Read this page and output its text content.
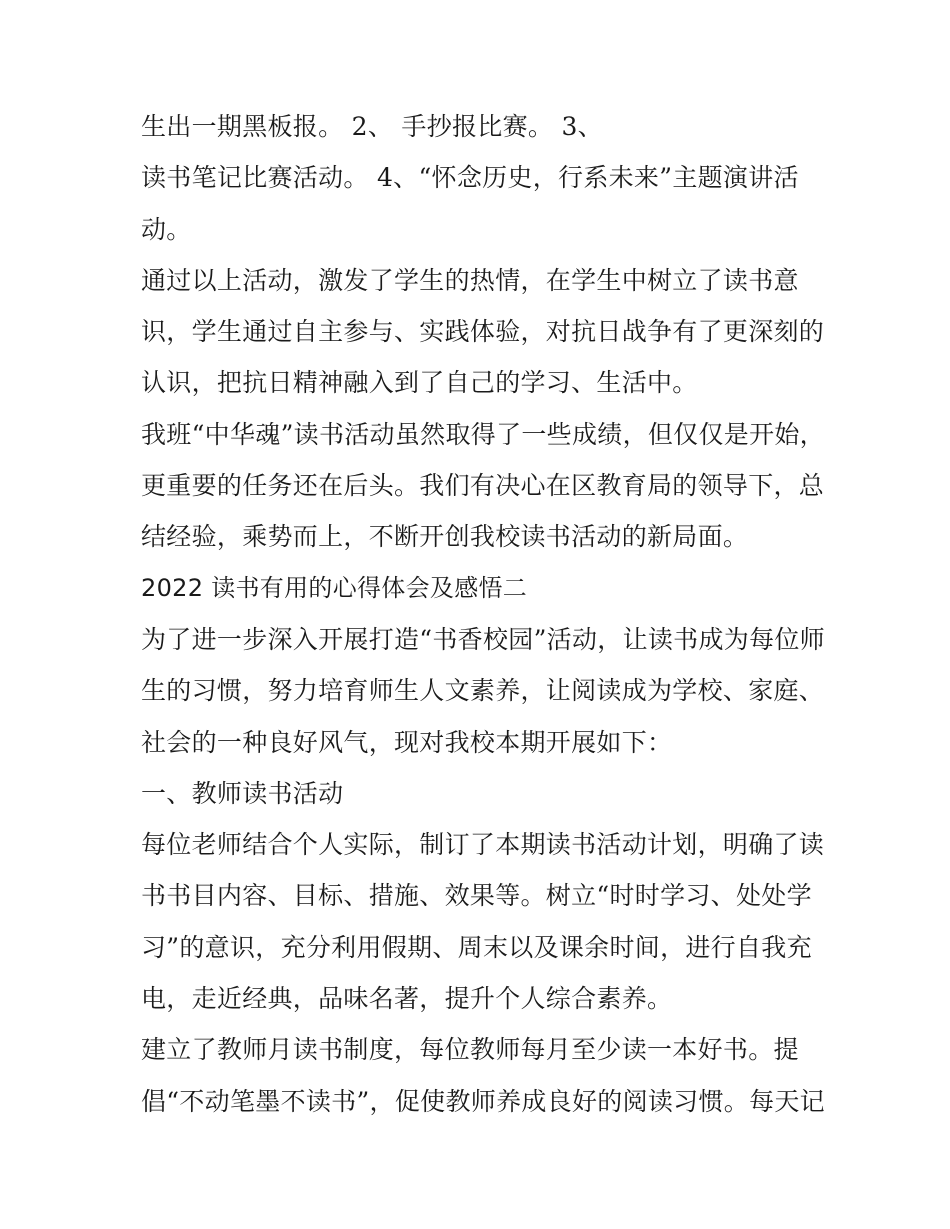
生出一期黑板报。 2、 手抄报比赛。 3、
读书笔记比赛活动。 4、“怀念历史，行系未来”主题演讲活
动。
通过以上活动，激发了学生的热情，在学生中树立了读书意
识，学生通过自主参与、实践体验，对抗日战争有了更深刻的
认识，把抗日精神融入到了自己的学习、生活中。
我班“中华魂”读书活动虽然取得了一些成绩，但仅仅是开始，
更重要的任务还在后头。我们有决心在区教育局的领导下，总
结经验，乘势而上，不断开创我校读书活动的新局面。
2022 读书有用的心得体会及感悟二
为了进一步深入开展打造“书香校园”活动，让读书成为每位师
生的习惯，努力培育师生人文素养，让阅读成为学校、家庭、
社会的一种良好风气，现对我校本期开展如下：
一、教师读书活动
每位老师结合个人实际，制订了本期读书活动计划，明确了读
书书目内容、目标、措施、效果等。树立“时时学习、处处学
习”的意识，充分利用假期、周末以及课余时间，进行自我充
电，走近经典，品味名著，提升个人综合素养。
建立了教师月读书制度，每位教师每月至少读一本好书。提
倡“不动笔墨不读书”，促使教师养成良好的阅读习惯。每天记
